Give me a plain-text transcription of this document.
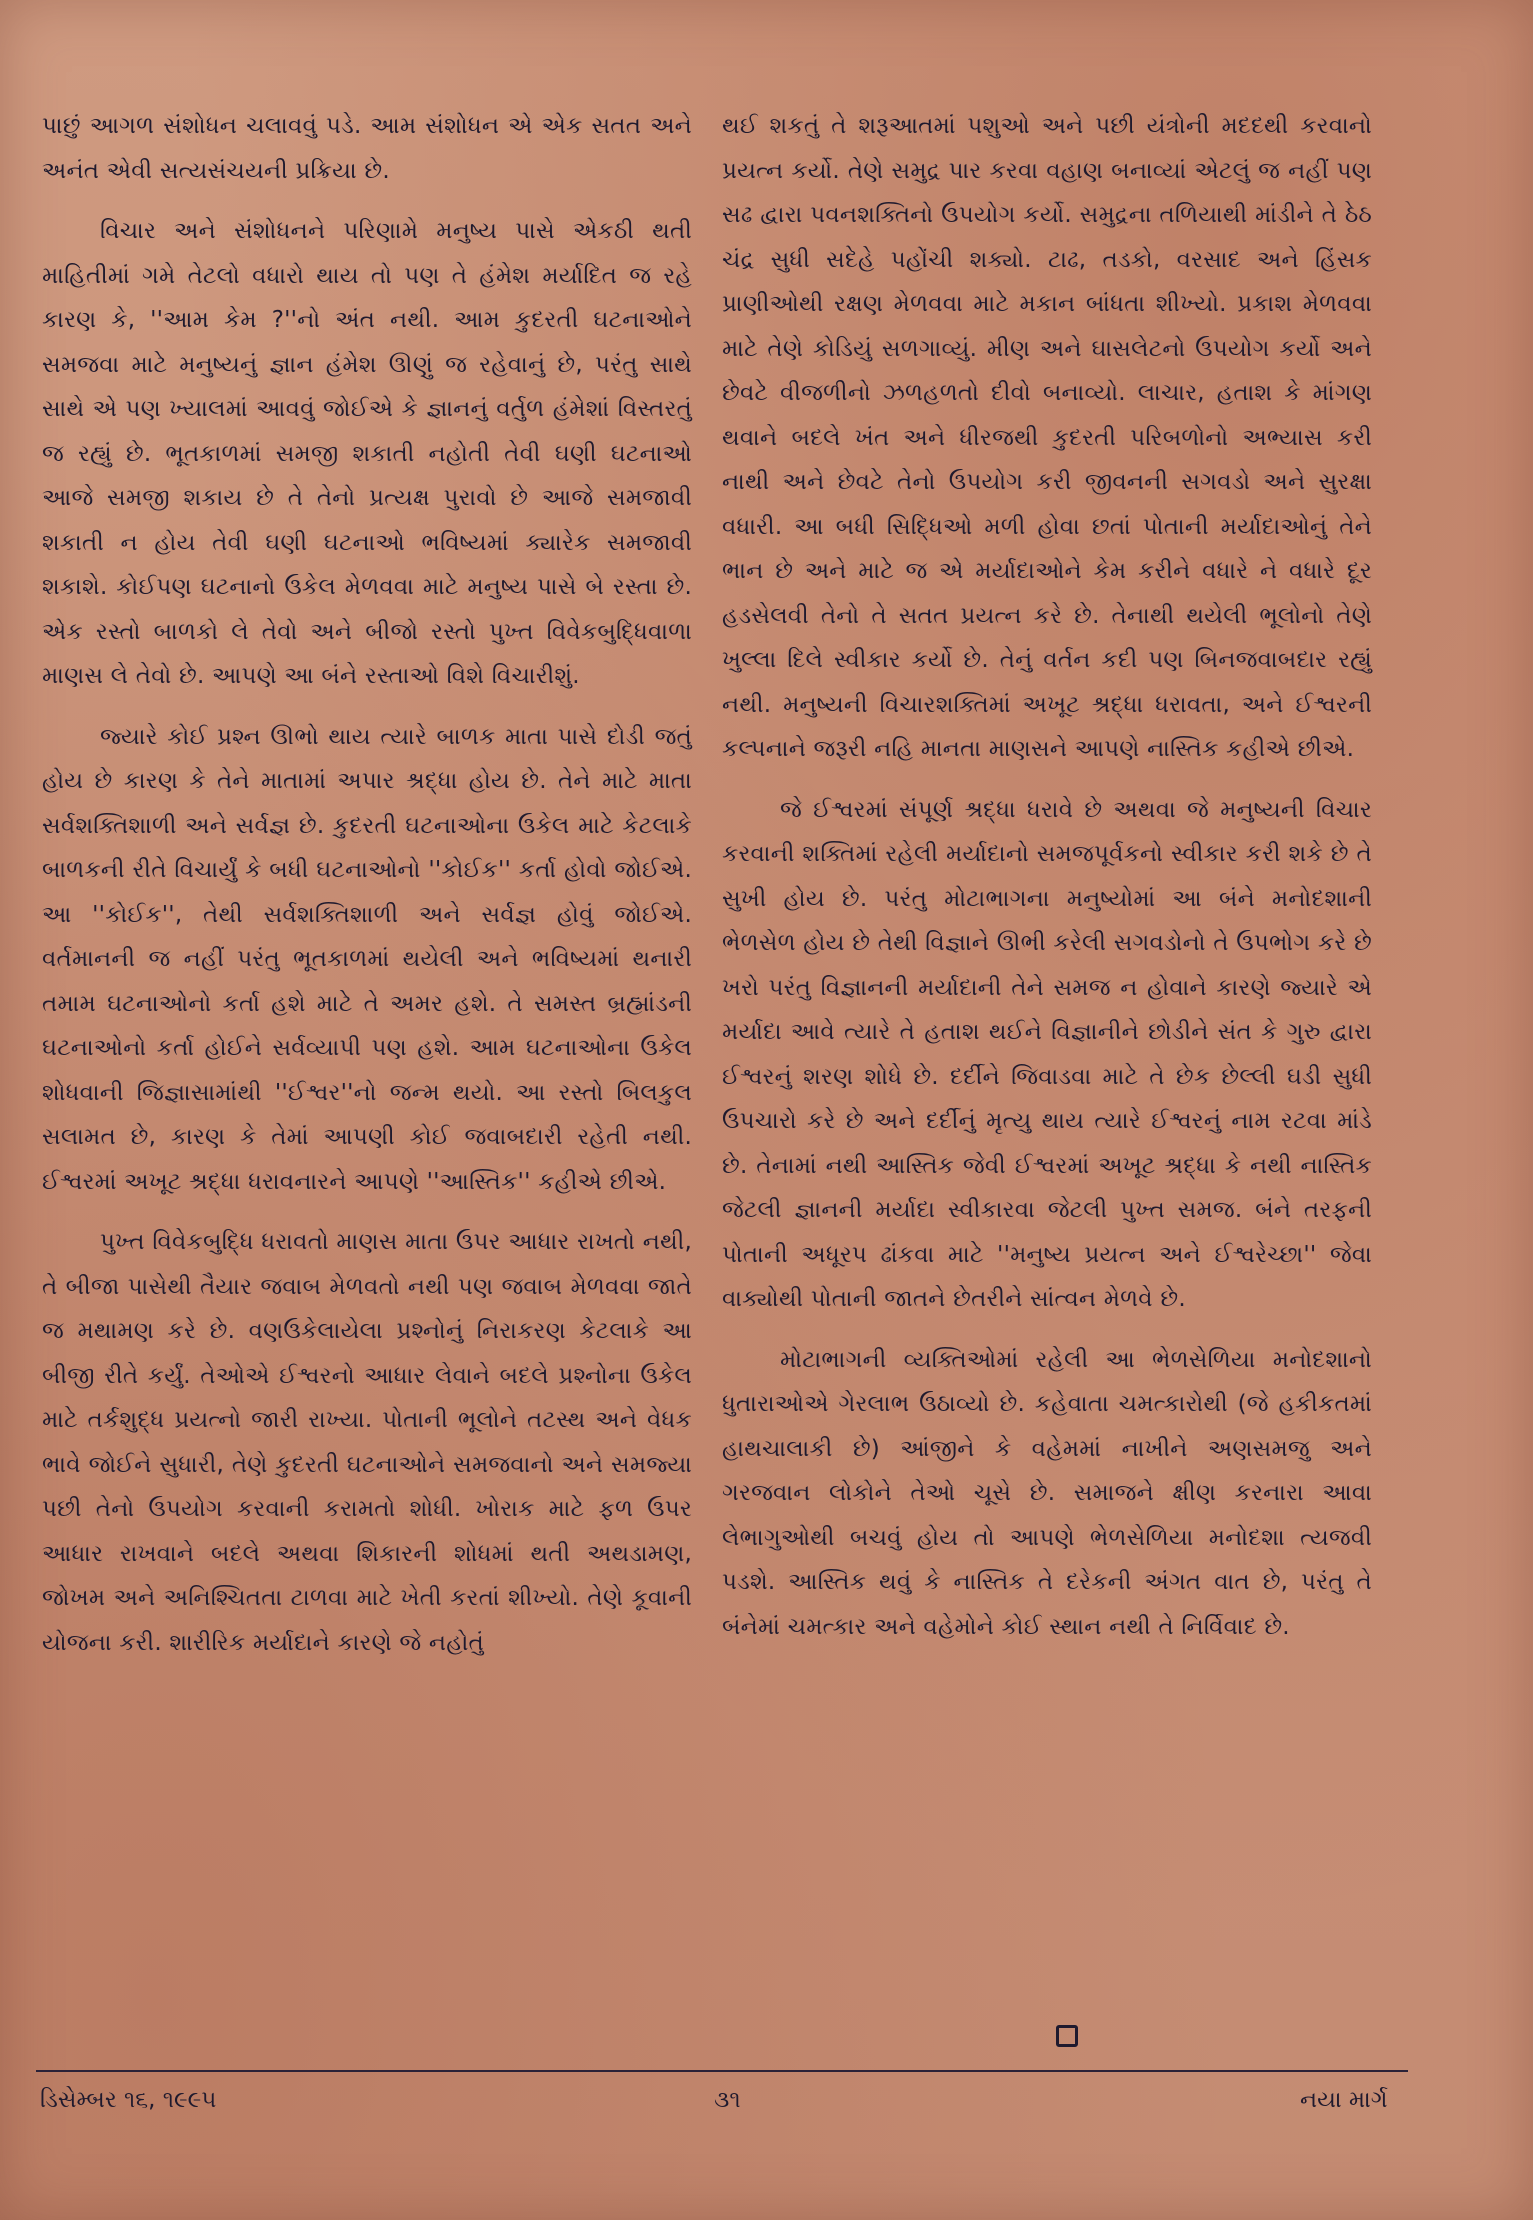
પાછું આગળ સંશોધન ચલાવવું પડે. આમ સંશોધન એ એક સતત અને અનંત એવી સત્યસંચયની પ્રક્રિયા છે.

વિચાર અને સંશોધનને પરિણામે મનુષ્ય પાસે એકઠી થતી માહિતીમાં ગમે તેટલો વધારો થાય તો પણ તે હંમેશ મર્યાદિત જ રહે કારણ કે, ''આમ કેમ ?''નો અંત નથી. આમ કુદરતી ઘટનાઓને સમજવા માટે મનુષ્યનું જ્ઞાન હંમેશ ઊણું જ રહેવાનું છે, પરંતુ સાથે સાથે એ પણ ખ્યાલમાં આવવું જોઈએ કે જ્ઞાનનું વર્તુળ હંમેશાં વિસ્તરતું જ રહ્યું છે. ભૂતકાળમાં સમજી શકાતી નહોતી તેવી ઘણી ઘટનાઓ આજે સમજી શકાય છે તે તેનો પ્રત્યક્ષ પુરાવો છે આજે સમજાવી શકાતી ન હોય તેવી ઘણી ઘટનાઓ ભવિષ્યમાં ક્યારેક સમજાવી શકાશે. કોઈપણ ઘટનાનો ઉકેલ મેળવવા માટે મનુષ્ય પાસે બે રસ્તા છે. એક રસ્તો બાળકો લે તેવો અને બીજો રસ્તો પુખ્ત વિવેકબુદ્ધિવાળા માણસ લે તેવો છે. આપણે આ બંને રસ્તાઓ વિશે વિચારીશું.

જ્યારે કોઈ પ્રશ્ન ઊભો થાય ત્યારે બાળક માતા પાસે દોડી જતું હોય છે કારણ કે તેને માતામાં અપાર શ્રદ્ધા હોય છે. તેને માટે માતા સર્વશક્તિશાળી અને સર્વજ્ઞ છે. કુદરતી ઘટનાઓના ઉકેલ માટે કેટલાકે બાળકની રીતે વિચાર્યું કે બધી ઘટનાઓનો ''કોઈક'' કર્તા હોવો જોઈએ. આ ''કોઈક'', તેથી સર્વશક્તિશાળી અને સર્વજ્ઞ હોવું જોઈએ. વર્તમાનની જ નહીં પરંતુ ભૂતકાળમાં થયેલી અને ભવિષ્યમાં થનારી તમામ ઘટનાઓનો કર્તા હશે માટે તે અમર હશે. તે સમસ્ત બ્રહ્માંડની ઘટનાઓનો કર્તા હોઈને સર્વવ્યાપી પણ હશે. આમ ઘટનાઓના ઉકેલ શોધવાની જિજ્ઞાસામાંથી ''ઈશ્વર''નો જન્મ થયો. આ રસ્તો બિલકુલ સલામત છે, કારણ કે તેમાં આપણી કોઈ જવાબદારી રહેતી નથી. ઈશ્વરમાં અખૂટ શ્રદ્ધા ધરાવનારને આપણે ''આસ્તિક'' કહીએ છીએ.

પુખ્ત વિવેકબુદ્ધિ ધરાવતો માણસ માતા ઉપર આધાર રાખતો નથી, તે બીજા પાસેથી તૈયાર જવાબ મેળવતો નથી પણ જવાબ મેળવવા જાતે જ મથામણ કરે છે. વણઉકેલાયેલા પ્રશ્નોનું નિરાકરણ કેટલાકે આ બીજી રીતે કર્યું. તેઓએ ઈશ્વરનો આધાર લેવાને બદલે પ્રશ્નોના ઉકેલ માટે તર્કશુદ્ધ પ્રયત્નો જારી રાખ્યા. પોતાની ભૂલોને તટસ્થ અને વેધક ભાવે જોઈને સુધારી, તેણે કુદરતી ઘટનાઓને સમજવાનો અને સમજ્યા પછી તેનો ઉપયોગ કરવાની કરામતો શોધી. ખોરાક માટે ફળ ઉપર આધાર રાખવાને બદલે અથવા શિકારની શોધમાં થતી અથડામણ, જોખમ અને અનિશ્ચિતતા ટાળવા માટે ખેતી કરતાં શીખ્યો. તેણે કૂવાની યોજના કરી. શારીરિક મર્યાદાને કારણે જે નહોતું

થઈ શકતું તે શરૂઆતમાં પશુઓ અને પછી યંત્રોની મદદથી કરવાનો પ્રયત્ન કર્યો. તેણે સમુદ્ર પાર કરવા વહાણ બનાવ્યાં એટલું જ નહીં પણ સઢ દ્વારા પવનશક્તિનો ઉપયોગ કર્યો. સમુદ્રના તળિયાથી માંડીને તે ઠેઠ ચંદ્ર સુધી સદેહે પહોંચી શક્યો. ટાઢ, તડકો, વરસાદ અને હિંસક પ્રાણીઓથી રક્ષણ મેળવવા માટે મકાન બાંધતા શીખ્યો. પ્રકાશ મેળવવા માટે તેણે કોડિયું સળગાવ્યું. મીણ અને ઘાસલેટનો ઉપયોગ કર્યો અને છેવટે વીજળીનો ઝળહળતો દીવો બનાવ્યો. લાચાર, હતાશ કે માંગણ થવાને બદલે ખંત અને ધીરજથી કુદરતી પરિબળોનો અભ્યાસ કરી નાથી અને છેવટે તેનો ઉપયોગ કરી જીવનની સગવડો અને સુરક્ષા વધારી. આ બધી સિદ્ધિઓ મળી હોવા છતાં પોતાની મર્યાદાઓનું તેને ભાન છે અને માટે જ એ મર્યાદાઓને કેમ કરીને વધારે ને વધારે દૂર હડસેલવી તેનો તે સતત પ્રયત્ન કરે છે. તેનાથી થયેલી ભૂલોનો તેણે ખુલ્લા દિલે સ્વીકાર કર્યો છે. તેનું વર્તન કદી પણ બિનજવાબદાર રહ્યું નથી. મનુષ્યની વિચારશક્તિમાં અખૂટ શ્રદ્ધા ધરાવતા, અને ઈશ્વરની કલ્પનાને જરૂરી નહિ માનતા માણસને આપણે નાસ્તિક કહીએ છીએ.

જે ઈશ્વરમાં સંપૂર્ણ શ્રદ્ધા ધરાવે છે અથવા જે મનુષ્યની વિચાર કરવાની શક્તિમાં રહેલી મર્યાદાનો સમજપૂર્વકનો સ્વીકાર કરી શકે છે તે સુખી હોય છે. પરંતુ મોટાભાગના મનુષ્યોમાં આ બંને મનોદશાની ભેળસેળ હોય છે તેથી વિજ્ઞાને ઊભી કરેલી સગવડોનો તે ઉપભોગ કરે છે ખરો પરંતુ વિજ્ઞાનની મર્યાદાની તેને સમજ ન હોવાને કારણે જ્યારે એ મર્યાદા આવે ત્યારે તે હતાશ થઈને વિજ્ઞાનીને છોડીને સંત કે ગુરુ દ્વારા ઈશ્વરનું શરણ શોધે છે. દર્દીને જિવાડવા માટે તે છેક છેલ્લી ઘડી સુધી ઉપચારો કરે છે અને દર્દીનું મૃત્યુ થાય ત્યારે ઈશ્વરનું નામ રટવા માંડે છે. તેનામાં નથી આસ્તિક જેવી ઈશ્વરમાં અખૂટ શ્રદ્ધા કે નથી નાસ્તિક જેટલી જ્ઞાનની મર્યાદા સ્વીકારવા જેટલી પુખ્ત સમજ. બંને તરફની પોતાની અધૂરપ ઢાંકવા માટે ''મનુષ્ય પ્રયત્ન અને ઈશ્વરેચ્છા'' જેવા વાક્યોથી પોતાની જાતને છેતરીને સાંત્વન મેળવે છે.

મોટાભાગની વ્યક્તિઓમાં રહેલી આ ભેળસેળિયા મનોદશાનો ધુતારાઓએ ગેરલાભ ઉઠાવ્યો છે. કહેવાતા ચમત્કારોથી (જે હકીકતમાં હાથચાલાકી છે) આંજીને કે વહેમમાં નાખીને અણસમજુ અને ગરજવાન લોકોને તેઓ ચૂસે છે. સમાજને ક્ષીણ કરનારા આવા લેભાગુઓથી બચવું હોય તો આપણે ભેળસેળિયા મનોદશા ત્યજવી પડશે. આસ્તિક થવું કે નાસ્તિક તે દરેકની અંગત વાત છે, પરંતુ તે બંનેમાં ચમત્કાર અને વહેમોને કોઈ સ્થાન નથી તે નિર્વિવાદ છે.

ડિસેમ્બર ૧૬, ૧૯૯૫	૩૧	નયા માર્ગ
